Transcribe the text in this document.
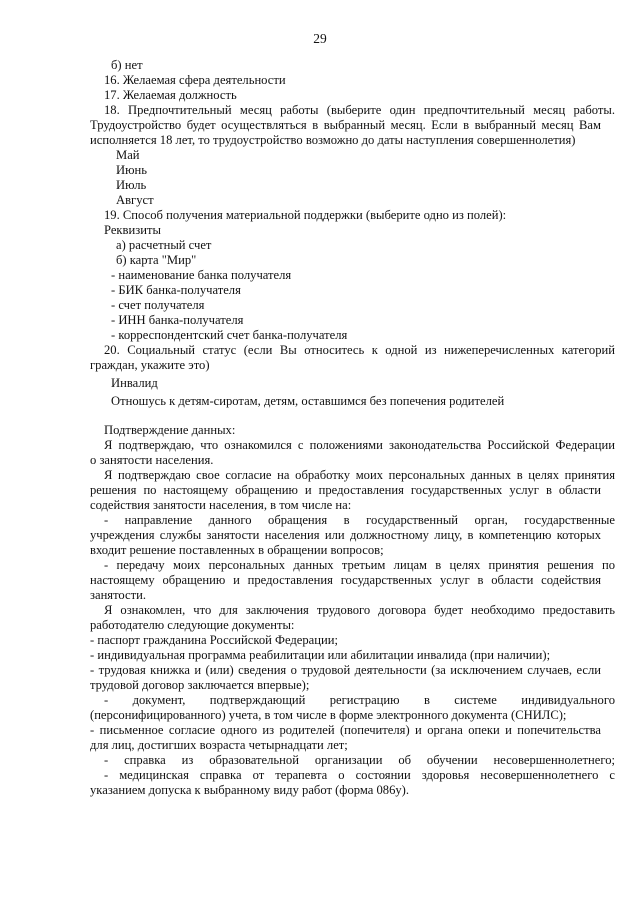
29
б) нет
16. Желаемая сфера деятельности
17. Желаемая должность
18. Предпочтительный месяц работы (выберите один предпочтительный месяц работы.
Трудоустройство будет осуществляться в выбранный месяц. Если в выбранный месяц Вам
исполняется 18 лет, то трудоустройство возможно до даты наступления совершеннолетия)
Май
Июнь
Июль
Август
19. Способ получения материальной поддержки (выберите одно из полей):
Реквизиты
а) расчетный счет
б) карта "Мир"
- наименование банка получателя
- БИК банка-получателя
- счет получателя
- ИНН банка-получателя
- корреспондентский счет банка-получателя
20. Социальный статус (если Вы относитесь к одной из нижеперечисленных категорий
граждан, укажите это)
Инвалид
Отношусь к детям-сиротам, детям, оставшимся без попечения родителей
Подтверждение данных:
Я подтверждаю, что ознакомился с положениями законодательства Российской Федерации
о занятости населения.
Я подтверждаю свое согласие на обработку моих персональных данных в целях принятия
решения по настоящему обращению и предоставления государственных услуг в области
содействия занятости населения, в том числе на:
- направление данного обращения в государственный орган, государственные
учреждения службы занятости населения или должностному лицу, в компетенцию которых
входит решение поставленных в обращении вопросов;
- передачу моих персональных данных третьим лицам в целях принятия решения по
настоящему обращению и предоставления государственных услуг в области содействия
занятости.
Я ознакомлен, что для заключения трудового договора будет необходимо предоставить
работодателю следующие документы:
- паспорт гражданина Российской Федерации;
- индивидуальная программа реабилитации или абилитации инвалида (при наличии);
- трудовая книжка и (или) сведения о трудовой деятельности (за исключением случаев, если
трудовой договор заключается впервые);
- документ, подтверждающий регистрацию в системе индивидуального
(персонифицированного) учета, в том числе в форме электронного документа (СНИЛС);
- письменное согласие одного из родителей (попечителя) и органа опеки и попечительства
для лиц, достигших возраста четырнадцати лет;
- справка из образовательной организации об обучении несовершеннолетнего;
- медицинская справка от терапевта о состоянии здоровья несовершеннолетнего с
указанием допуска к выбранному виду работ (форма 086у).
